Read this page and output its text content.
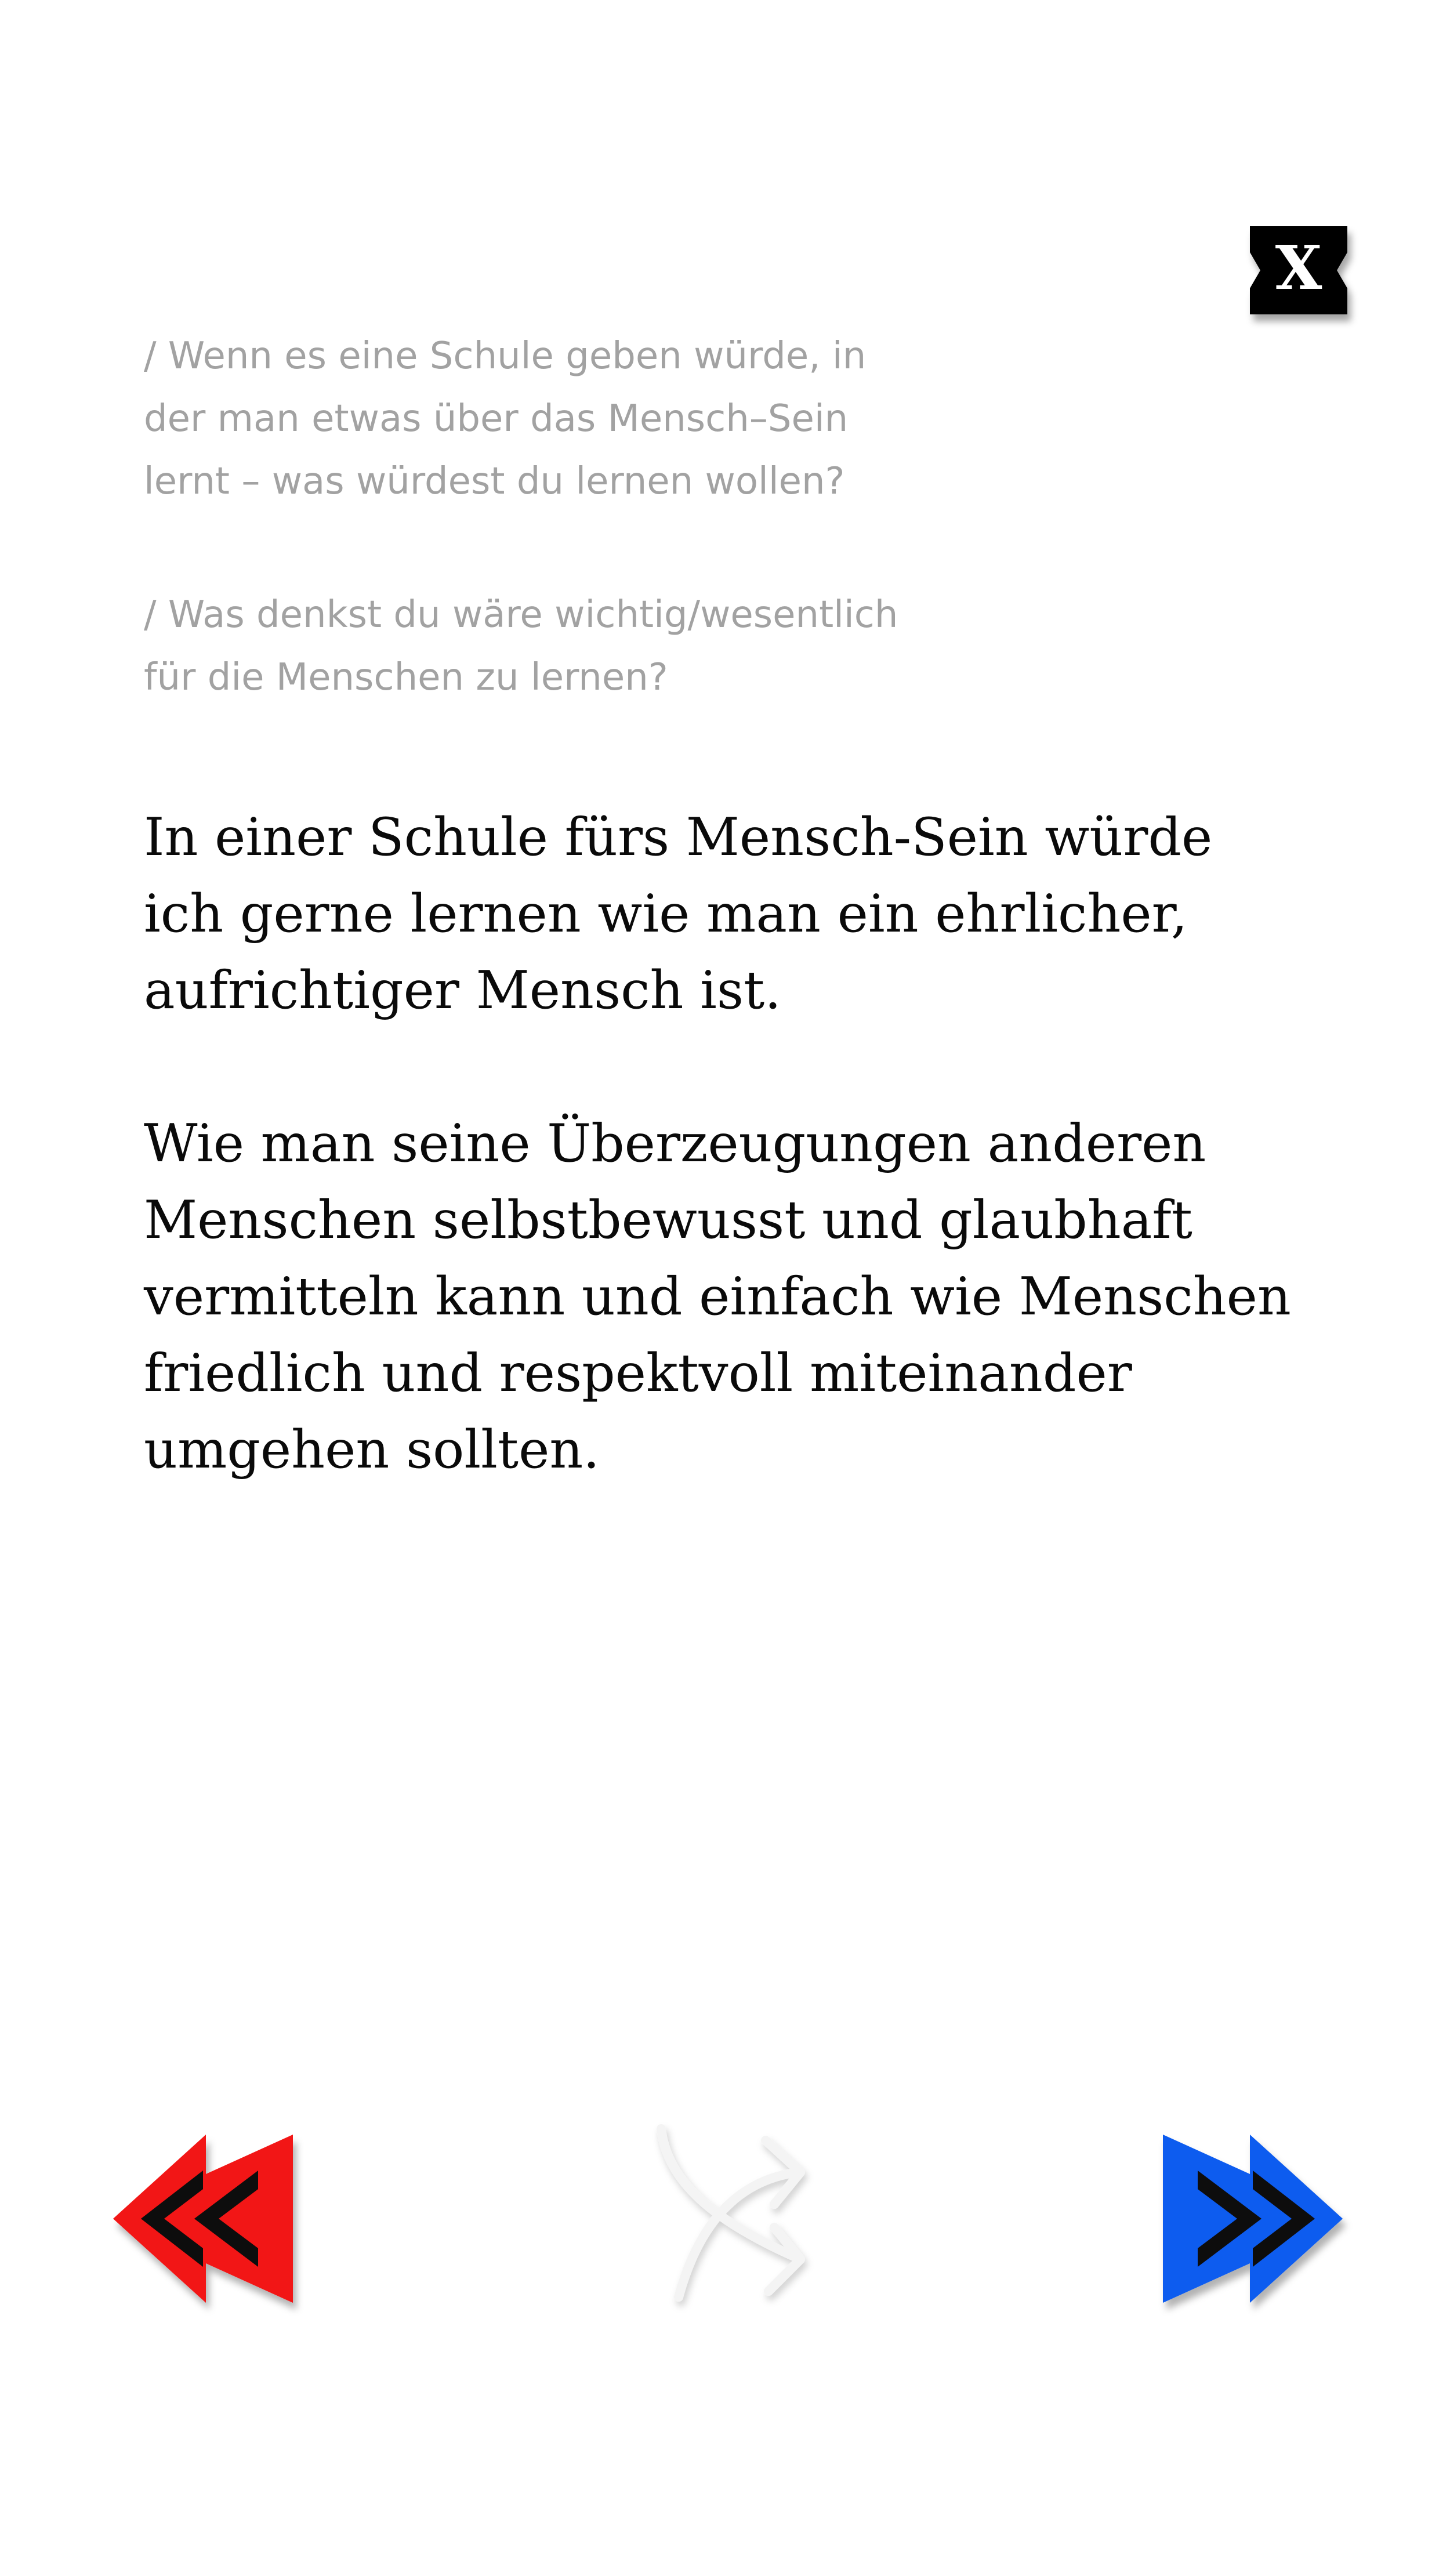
X

/ Wenn es eine Schule geben würde, in
der man etwas über das Mensch–Sein
lernt – was würdest du lernen wollen?

/ Was denkst du wäre wichtig/wesentlich
für die Menschen zu lernen?

In einer Schule fürs Mensch-Sein würde
ich gerne lernen wie man ein ehrlicher,
aufrichtiger Mensch ist.

Wie man seine Überzeugungen anderen
Menschen selbstbewusst und glaubhaft
vermitteln kann und einfach wie Menschen
friedlich und respektvoll miteinander
umgehen sollten.
